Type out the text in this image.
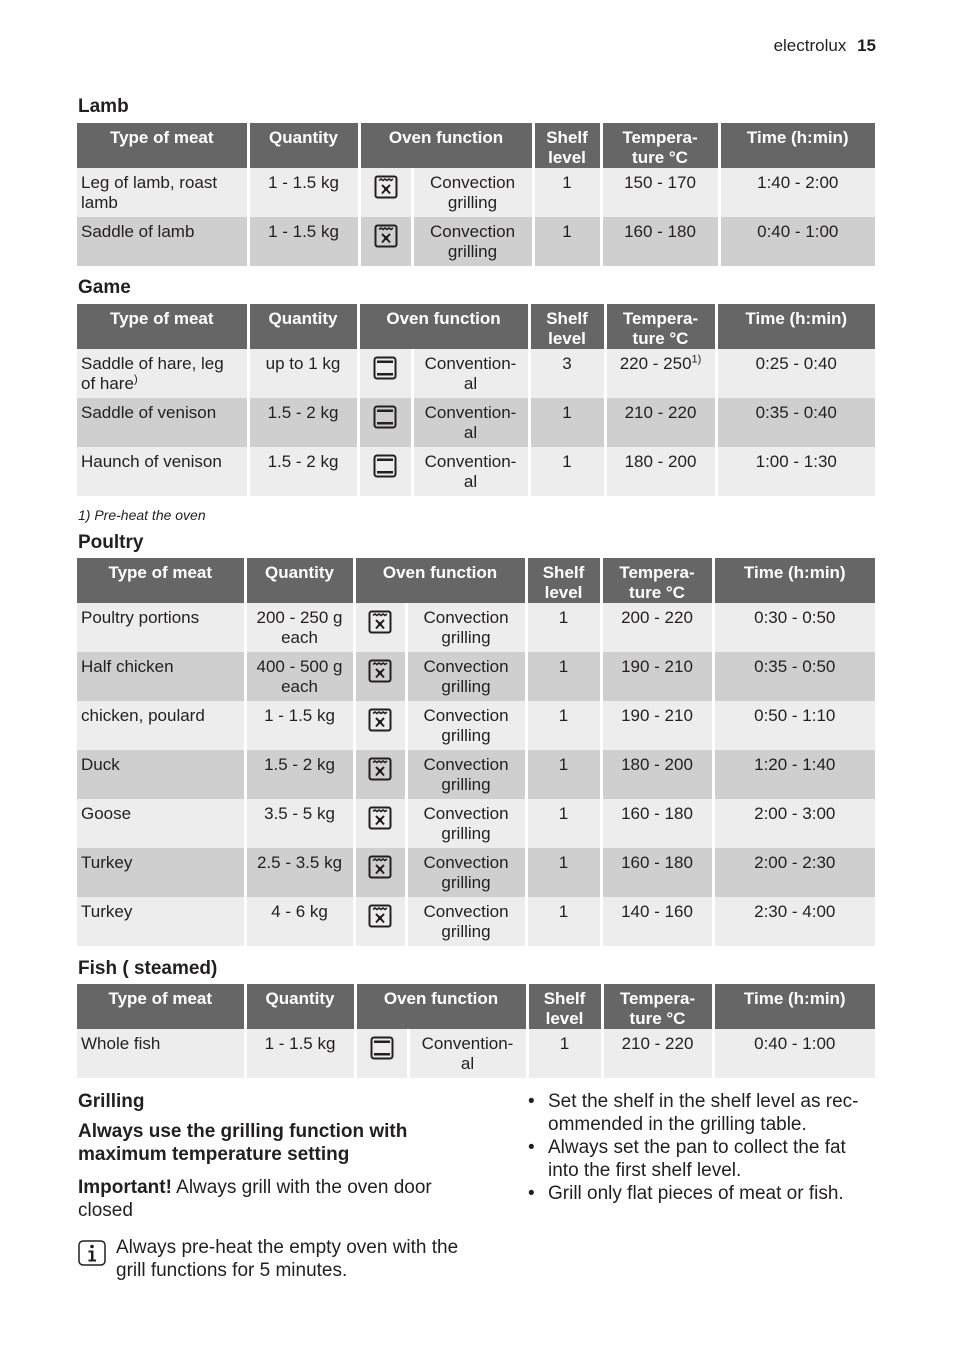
electrolux 15
Lamb
Type of meat	Quantity	Oven function		Shelf level	Tempera- ture °C	Time (h:min)
Leg of lamb, roast lamb	1 - 1.5 kg		Convection grilling	1	150 - 170	1:40 - 2:00
Saddle of lamb	1 - 1.5 kg		Convection grilling	1	160 - 180	0:40 - 1:00
Game
Type of meat	Quantity	Oven function		Shelf level	Tempera- ture °C	Time (h:min)
Saddle of hare, leg of hare)	up to 1 kg		Convention- al	3	220 - 250$^{1)}$	0:25 - 0:40
Saddle of venison	1.5 - 2 kg		Convention- al	1	210 - 220	0:35 - 0:40
Haunch of venison	1.5 - 2 kg		Convention- al	1	180 - 200	1:00 - 1:30
1) Pre-heat the oven
Poultry
Type of meat	Quantity	Oven function		Shelf level	Tempera- ture °C	Time (h:min)
Poultry portions	200 - 250 g each		Convection grilling	1	200 - 220	0:30 - 0:50
Half chicken	400 - 500 g each		Convection grilling	1	190 - 210	0:35 - 0:50
chicken, poulard	1 - 1.5 kg		Convection grilling	1	190 - 210	0:50 - 1:10
Duck	1.5 - 2 kg		Convection grilling	1	180 - 200	1:20 - 1:40
Goose	3.5 - 5 kg		Convection grilling	1	160 - 180	2:00 - 3:00
Turkey	2.5 - 3.5 kg		Convection grilling	1	160 - 180	2:00 - 2:30
Turkey	4 - 6 kg		Convection grilling	1	140 - 160	2:30 - 4:00
Fish ( steamed)
Type of meat	Quantity	Oven function		Shelf level	Tempera- ture °C	Time (h:min)
Whole fish	1 - 1.5 kg		Convention- al	1	210 - 220	0:40 - 1:00
Grilling
Always use the grilling function with maximum temperature setting
Important! Always grill with the oven door closed
Always pre-heat the empty oven with the grill functions for 5 minutes.
• Set the shelf in the shelf level as rec- ommended in the grilling table.
• Always set the pan to collect the fat into the first shelf level.
• Grill only flat pieces of meat or fish.
